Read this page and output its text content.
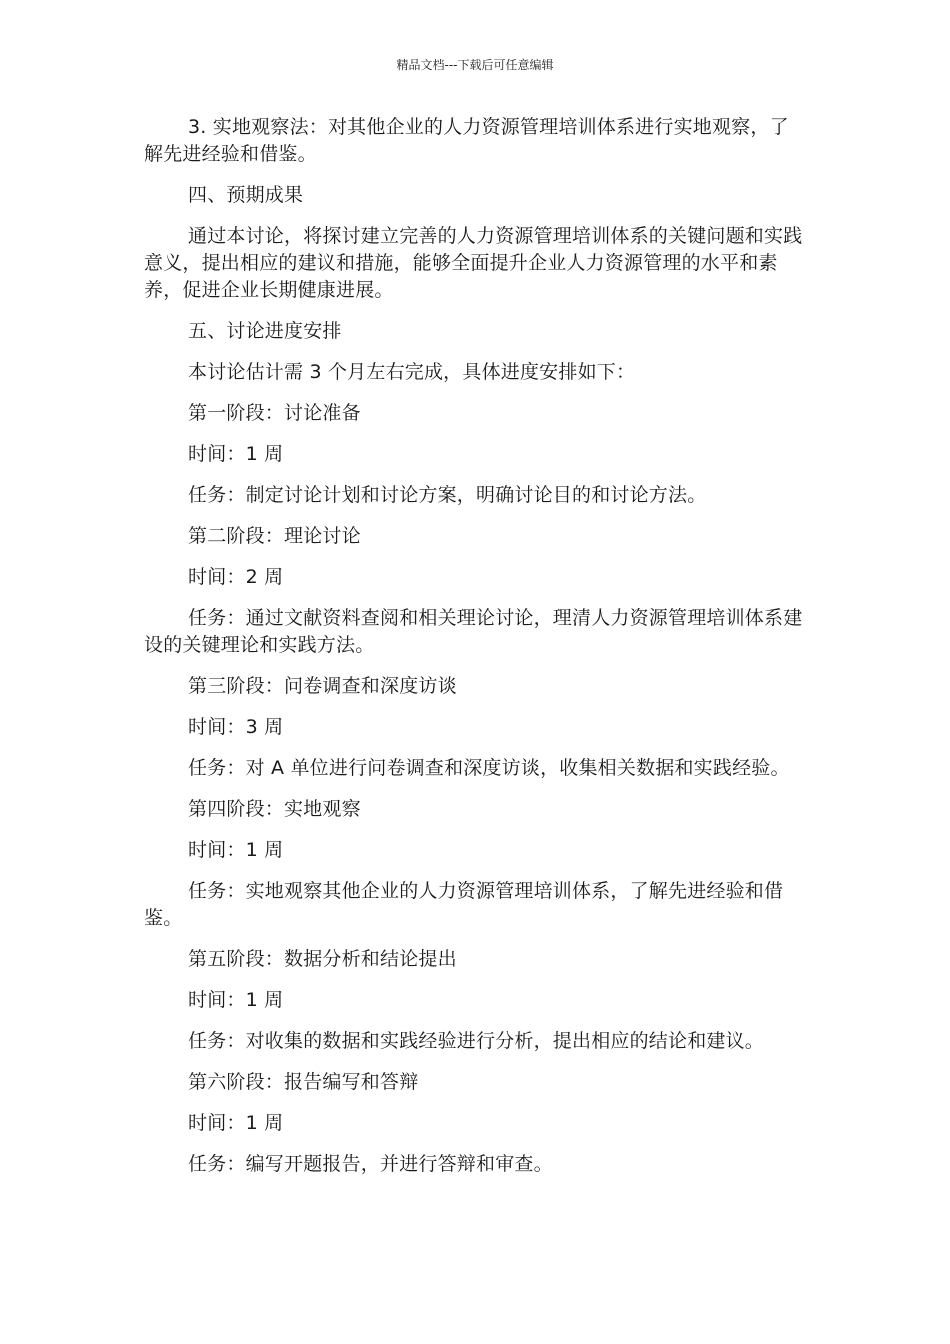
精品文档---下载后可任意编辑

3. 实地观察法：对其他企业的人力资源管理培训体系进行实地观察，了解先进经验和借鉴。

四、预期成果

通过本讨论，将探讨建立完善的人力资源管理培训体系的关键问题和实践意义，提出相应的建议和措施，能够全面提升企业人力资源管理的水平和素养，促进企业长期健康进展。

五、讨论进度安排

本讨论估计需 3 个月左右完成，具体进度安排如下：

第一阶段：讨论准备

时间：1 周

任务：制定讨论计划和讨论方案，明确讨论目的和讨论方法。

第二阶段：理论讨论

时间：2 周

任务：通过文献资料查阅和相关理论讨论，理清人力资源管理培训体系建设的关键理论和实践方法。

第三阶段：问卷调查和深度访谈

时间：3 周

任务：对 A 单位进行问卷调查和深度访谈，收集相关数据和实践经验。

第四阶段：实地观察

时间：1 周

任务：实地观察其他企业的人力资源管理培训体系，了解先进经验和借鉴。

第五阶段：数据分析和结论提出

时间：1 周

任务：对收集的数据和实践经验进行分析，提出相应的结论和建议。

第六阶段：报告编写和答辩

时间：1 周

任务：编写开题报告，并进行答辩和审查。
